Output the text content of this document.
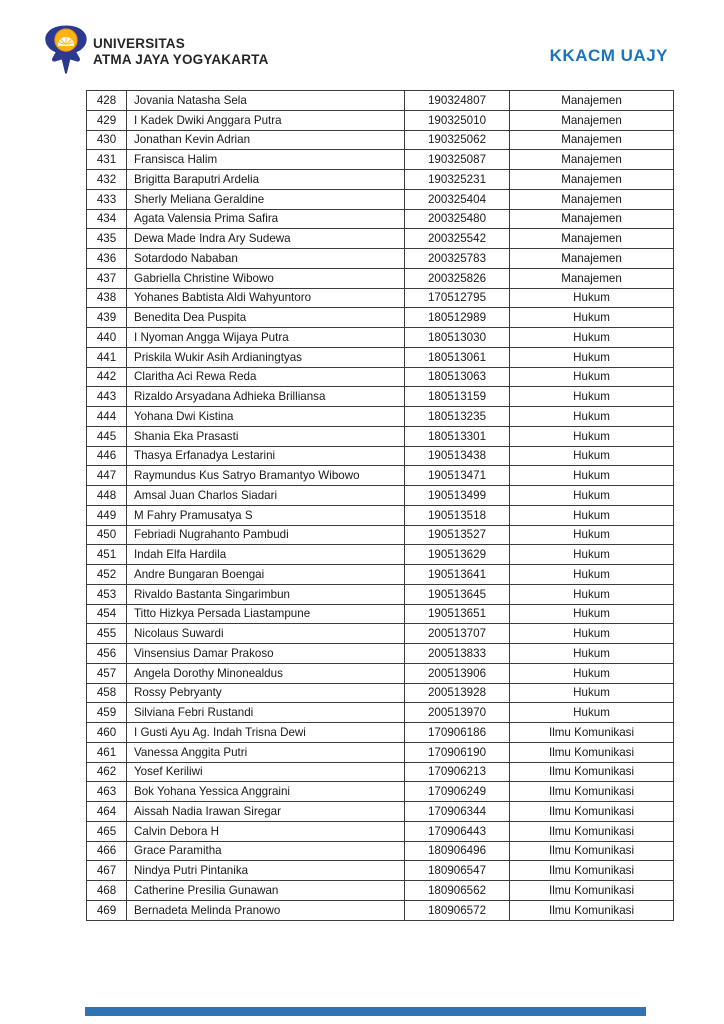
UNIVERSITAS
ATMA JAYA YOGYAKARTA	KKACM UAJY
428	Jovania Natasha Sela	190324807	Manajemen
429	I Kadek Dwiki Anggara Putra	190325010	Manajemen
430	Jonathan Kevin Adrian	190325062	Manajemen
431	Fransisca Halim	190325087	Manajemen
432	Brigitta Baraputri Ardelia	190325231	Manajemen
433	Sherly Meliana Geraldine	200325404	Manajemen
434	Agata Valensia Prima Safira	200325480	Manajemen
435	Dewa Made Indra Ary Sudewa	200325542	Manajemen
436	Sotardodo Nababan	200325783	Manajemen
437	Gabriella Christine Wibowo	200325826	Manajemen
438	Yohanes Babtista Aldi Wahyuntoro	170512795	Hukum
439	Benedita Dea Puspita	180512989	Hukum
440	I Nyoman Angga Wijaya Putra	180513030	Hukum
441	Priskila Wukir Asih Ardianingtyas	180513061	Hukum
442	Claritha Aci Rewa Reda	180513063	Hukum
443	Rizaldo Arsyadana Adhieka Brilliansa	180513159	Hukum
444	Yohana Dwi Kistina	180513235	Hukum
445	Shania Eka Prasasti	180513301	Hukum
446	Thasya Erfanadya Lestarini	190513438	Hukum
447	Raymundus Kus Satryo Bramantyo Wibowo	190513471	Hukum
448	Amsal Juan Charlos Siadari	190513499	Hukum
449	M Fahry Pramusatya S	190513518	Hukum
450	Febriadi Nugrahanto Pambudi	190513527	Hukum
451	Indah Elfa Hardila	190513629	Hukum
452	Andre Bungaran Boengai	190513641	Hukum
453	Rivaldo Bastanta Singarimbun	190513645	Hukum
454	Titto Hizkya Persada Liastampune	190513651	Hukum
455	Nicolaus Suwardi	200513707	Hukum
456	Vinsensius Damar Prakoso	200513833	Hukum
457	Angela Dorothy Minonealdus	200513906	Hukum
458	Rossy Pebryanty	200513928	Hukum
459	Silviana Febri Rustandi	200513970	Hukum
460	I Gusti Ayu Ag. Indah Trisna Dewi	170906186	Ilmu Komunikasi
461	Vanessa Anggita Putri	170906190	Ilmu Komunikasi
462	Yosef Keriliwi	170906213	Ilmu Komunikasi
463	Bok Yohana Yessica Anggraini	170906249	Ilmu Komunikasi
464	Aissah Nadia Irawan Siregar	170906344	Ilmu Komunikasi
465	Calvin Debora H	170906443	Ilmu Komunikasi
466	Grace Paramitha	180906496	Ilmu Komunikasi
467	Nindya Putri Pintanika	180906547	Ilmu Komunikasi
468	Catherine Presilia Gunawan	180906562	Ilmu Komunikasi
469	Bernadeta Melinda Pranowo	180906572	Ilmu Komunikasi
